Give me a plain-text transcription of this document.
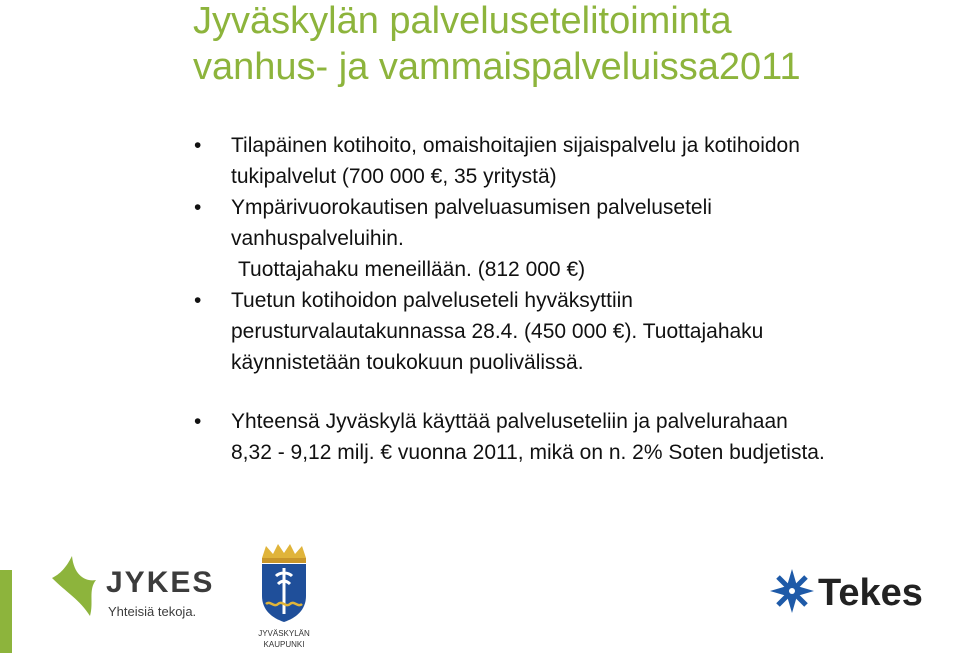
Jyväskylän palvelusetelitoiminta
vanhus- ja vammaispalveluissa2011
• Tilapäinen kotihoito, omaishoitajien sijaispalvelu ja kotihoidon
tukipalvelut (700 000 €, 35 yritystä)
• Ympärivuorokautisen palveluasumisen palveluseteli
vanhuspalveluihin.
Tuottajahaku meneillään. (812 000 €)
• Tuetun kotihoidon palveluseteli hyväksyttiin
perusturvalautakunnassa 28.4. (450 000 €). Tuottajahaku
käynnistetään toukokuun puolivälissä.
• Yhteensä Jyväskylä käyttää palveluseteliin ja palvelurahaan
8,32 - 9,12 milj. € vuonna 2011, mikä on n. 2% Soten budjetista.
JYKES
Yhteisiä tekoja.
JYVÄSKYLÄN
KAUPUNKI
Tekes
